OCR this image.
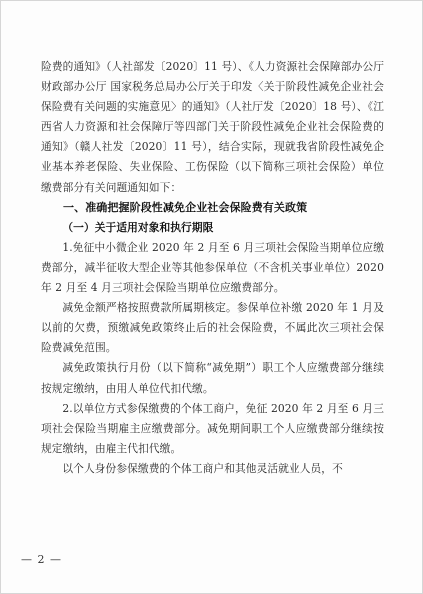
险费的通知》（人社部发〔2020〕11 号）、《人力资源社会保障部办公厅 财政部办公厅 国家税务总局办公厅关于印发〈关于阶段性减免企业社会保险费有关问题的实施意见〉的通知》（人社厅发〔2020〕18 号）、《江西省人力资源和社会保障厅等四部门关于阶段性减免企业社会保险费的通知》（赣人社发〔2020〕11 号），结合实际，现就我省阶段性减免企业基本养老保险、失业保险、工伤保险（以下简称三项社会保险）单位缴费部分有关问题通知如下：

一、准确把握阶段性减免企业社会保险费有关政策

（一）关于适用对象和执行期限

1.免征中小微企业 2020 年 2 月至 6 月三项社会保险当期单位应缴费部分，减半征收大型企业等其他参保单位（不含机关事业单位）2020 年 2 月至 4 月三项社会保险当期单位应缴费部分。

减免金额严格按照费款所属期核定。参保单位补缴 2020 年 1 月及以前的欠费，预缴减免政策终止后的社会保险费，不属此次三项社会保险费减免范围。

减免政策执行月份（以下简称“减免期”）职工个人应缴费部分继续按规定缴纳，由用人单位代扣代缴。

2.以单位方式参保缴费的个体工商户，免征 2020 年 2 月至 6 月三项社会保险当期雇主应缴费部分。减免期间职工个人应缴费部分继续按规定缴纳，由雇主代扣代缴。

以个人身份参保缴费的个体工商户和其他灵活就业人员，不

— 2 —
